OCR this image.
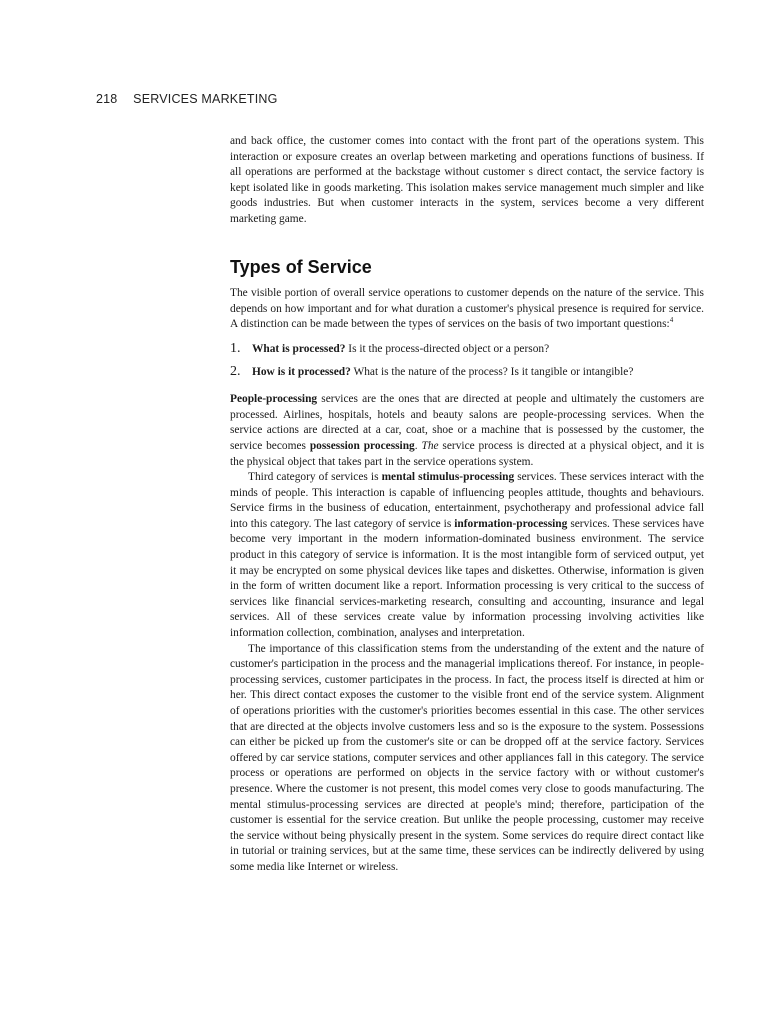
218 SERVICES MARKETING

and back office, the customer comes into contact with the front part of the operations system. This interaction or exposure creates an overlap between marketing and operations functions of business. If all operations are performed at the backstage without customer s direct contact, the service factory is kept isolated like in goods marketing. This isolation makes service management much simpler and like goods industries. But when customer interacts in the system, services become a very different marketing game.

Types of Service

The visible portion of overall service operations to customer depends on the nature of the service. This depends on how important and for what duration a customer's physical presence is required for service. A distinction can be made between the types of services on the basis of two important questions:$^4$

1.	What is processed? Is it the process-directed object or a person?
2.	How is it processed? What is the nature of the process? Is it tangible or intangible?

People-processing services are the ones that are directed at people and ultimately the customers are processed. Airlines, hospitals, hotels and beauty salons are people-processing services. When the service actions are directed at a car, coat, shoe or a machine that is possessed by the customer, the service becomes possession processing. The service process is directed at a physical object, and it is the physical object that takes part in the service operations system.

Third category of services is mental stimulus-processing services. These services interact with the minds of people. This interaction is capable of influencing peoples attitude, thoughts and behaviours. Service firms in the business of education, entertainment, psychotherapy and professional advice fall into this category. The last category of service is information-processing services. These services have become very important in the modern information-dominated business environment. The service product in this category of service is information. It is the most intangible form of serviced output, yet it may be encrypted on some physical devices like tapes and diskettes. Otherwise, information is given in the form of written document like a report. Information processing is very critical to the success of services like financial services-marketing research, consulting and accounting, insurance and legal services. All of these services create value by information processing involving activities like information collection, combination, analyses and interpretation.

The importance of this classification stems from the understanding of the extent and the nature of customer's participation in the process and the managerial implications thereof. For instance, in people-processing services, customer participates in the process. In fact, the process itself is directed at him or her. This direct contact exposes the customer to the visible front end of the service system. Alignment of operations priorities with the customer's priorities becomes essential in this case. The other services that are directed at the objects involve customers less and so is the exposure to the system. Possessions can either be picked up from the customer's site or can be dropped off at the service factory. Services offered by car service stations, computer services and other appliances fall in this category. The service process or operations are performed on objects in the service factory with or without customer's presence. Where the customer is not present, this model comes very close to goods manufacturing. The mental stimulus-processing services are directed at people's mind; therefore, participation of the customer is essential for the service creation. But unlike the people processing, customer may receive the service without being physically present in the system. Some services do require direct contact like in tutorial or training services, but at the same time, these services can be indirectly delivered by using some media like Internet or wireless.
